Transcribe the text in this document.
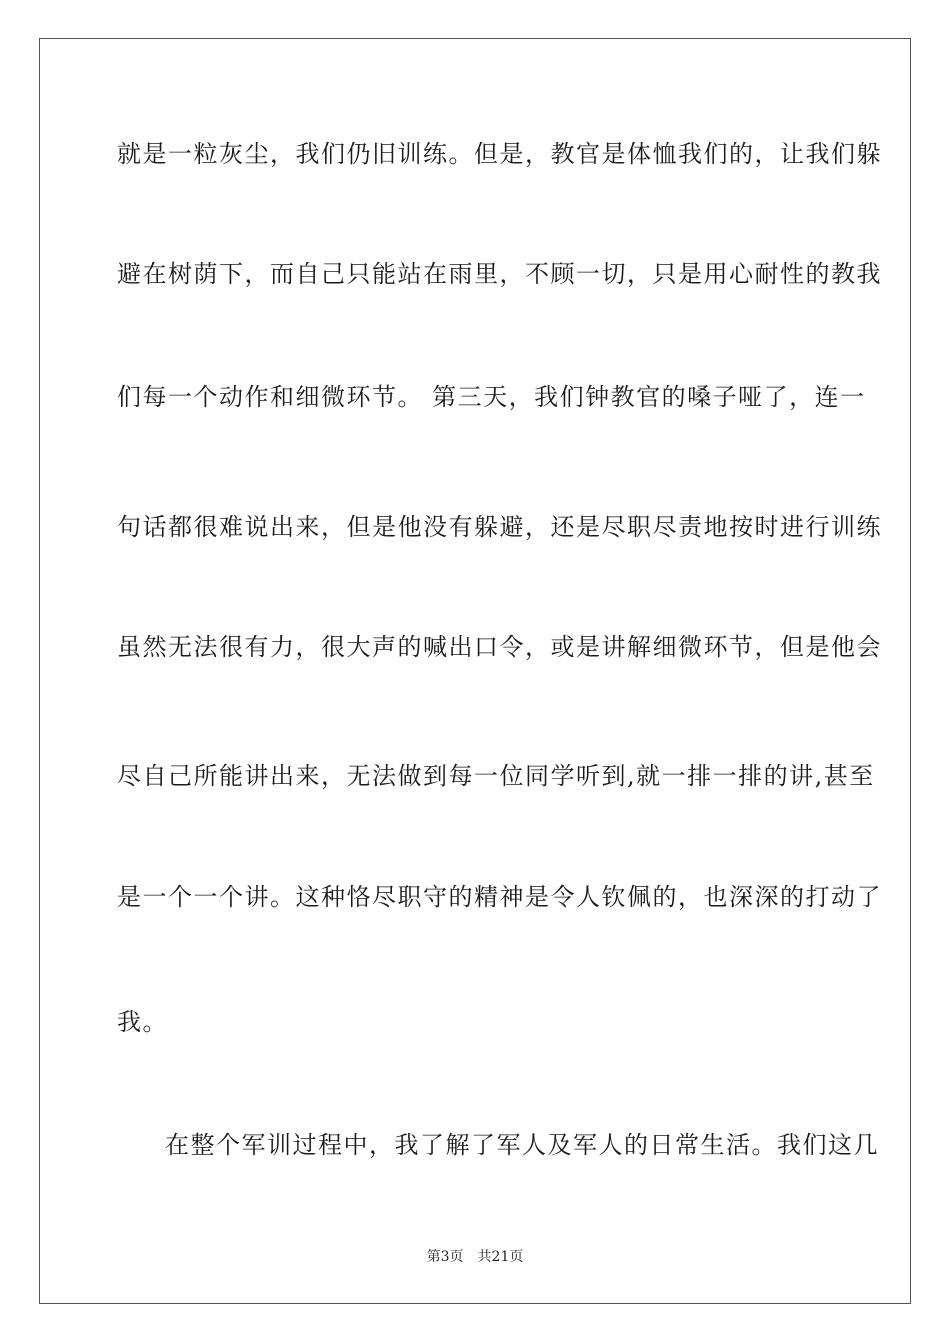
就是一粒灰尘，我们仍旧训练。但是，教官是体恤我们的，让我们躲
避在树荫下，而自己只能站在雨里，不顾一切，只是用心耐性的教我
们每一个动作和细微环节。 第三天，我们钟教官的嗓子哑了，连一
句话都很难说出来，但是他没有躲避，还是尽职尽责地按时进行训练
虽然无法很有力，很大声的喊出口令，或是讲解细微环节，但是他会
尽自己所能讲出来，无法做到每一位同学听到,就一排一排的讲,甚至
是一个一个讲。这种恪尽职守的精神是令人钦佩的，也深深的打动了
我。
在整个军训过程中，我了解了军人及军人的日常生活。我们这几
第3页 共21页
